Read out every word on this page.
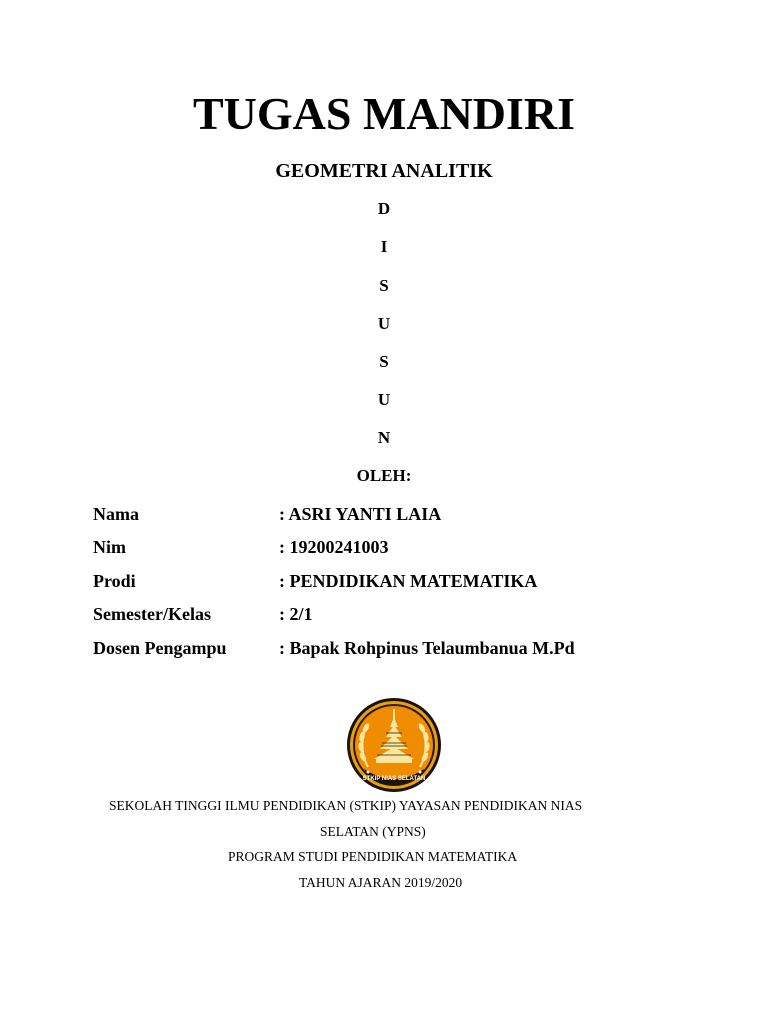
TUGAS MANDIRI
GEOMETRI ANALITIK
D
I
S
U
S
U
N
OLEH:
Nama	: ASRI YANTI LAIA
Nim	: 19200241003
Prodi	: PENDIDIKAN MATEMATIKA
Semester/Kelas	: 2/1
Dosen Pengampu	: Bapak Rohpinus Telaumbanua M.Pd
STKIP NIAS SELATAN
SEKOLAH TINGGI ILMU PENDIDIKAN (STKIP) YAYASAN PENDIDIKAN NIAS
SELATAN (YPNS)
PROGRAM STUDI PENDIDIKAN MATEMATIKA
TAHUN AJARAN 2019/2020
